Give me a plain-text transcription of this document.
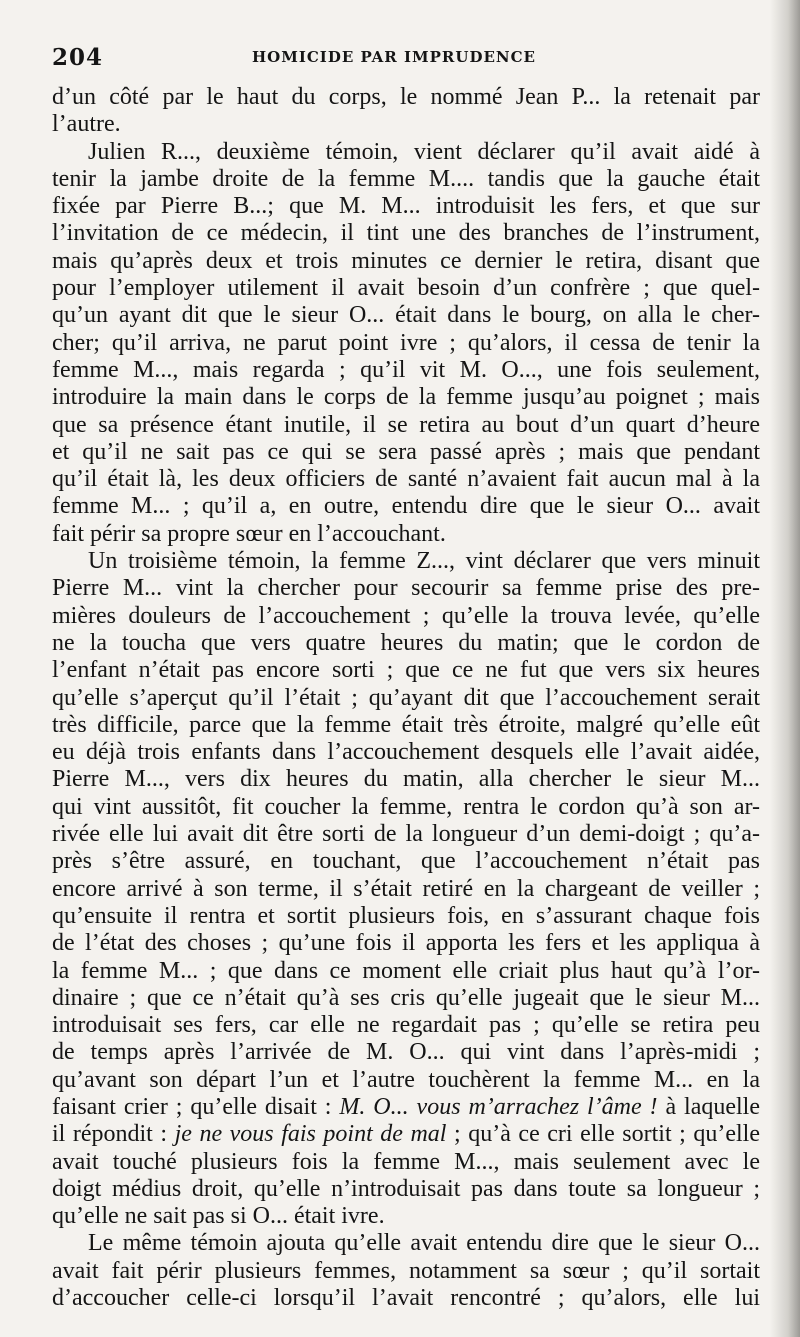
204	HOMICIDE PAR IMPRUDENCE
d’un côté par le haut du corps, le nommé Jean P... la retenait par
l’autre.
Julien R..., deuxième témoin, vient déclarer qu’il avait aidé à
tenir la jambe droite de la femme M.... tandis que la gauche était
fixée par Pierre B...; que M. M... introduisit les fers, et que sur
l’invitation de ce médecin, il tint une des branches de l’instrument,
mais qu’après deux et trois minutes ce dernier le retira, disant que
pour l’employer utilement il avait besoin d’un confrère ; que quel-
qu’un ayant dit que le sieur O... était dans le bourg, on alla le cher-
cher; qu’il arriva, ne parut point ivre ; qu’alors, il cessa de tenir la
femme M..., mais regarda ; qu’il vit M. O..., une fois seulement,
introduire la main dans le corps de la femme jusqu’au poignet ; mais
que sa présence étant inutile, il se retira au bout d’un quart d’heure
et qu’il ne sait pas ce qui se sera passé après ; mais que pendant
qu’il était là, les deux officiers de santé n’avaient fait aucun mal à la
femme M... ; qu’il a, en outre, entendu dire que le sieur O... avait
fait périr sa propre sœur en l’accouchant.
Un troisième témoin, la femme Z..., vint déclarer que vers minuit
Pierre M... vint la chercher pour secourir sa femme prise des pre-
mières douleurs de l’accouchement ; qu’elle la trouva levée, qu’elle
ne la toucha que vers quatre heures du matin; que le cordon de
l’enfant n’était pas encore sorti ; que ce ne fut que vers six heures
qu’elle s’aperçut qu’il l’était ; qu’ayant dit que l’accouchement serait
très difficile, parce que la femme était très étroite, malgré qu’elle eût
eu déjà trois enfants dans l’accouchement desquels elle l’avait aidée,
Pierre M..., vers dix heures du matin, alla chercher le sieur M...
qui vint aussitôt, fit coucher la femme, rentra le cordon qu’à son ar-
rivée elle lui avait dit être sorti de la longueur d’un demi-doigt ; qu’a-
près s’être assuré, en touchant, que l’accouchement n’était pas
encore arrivé à son terme, il s’était retiré en la chargeant de veiller ;
qu’ensuite il rentra et sortit plusieurs fois, en s’assurant chaque fois
de l’état des choses ; qu’une fois il apporta les fers et les appliqua à
la femme M... ; que dans ce moment elle criait plus haut qu’à l’or-
dinaire ; que ce n’était qu’à ses cris qu’elle jugeait que le sieur M...
introduisait ses fers, car elle ne regardait pas ; qu’elle se retira peu
de temps après l’arrivée de M. O... qui vint dans l’après-midi ;
qu’avant son départ l’un et l’autre touchèrent la femme M... en la
faisant crier ; qu’elle disait : M. O... vous m’arrachez l’âme ! à laquelle
il répondit : je ne vous fais point de mal ; qu’à ce cri elle sortit ; qu’elle
avait touché plusieurs fois la femme M..., mais seulement avec le
doigt médius droit, qu’elle n’introduisait pas dans toute sa longueur ;
qu’elle ne sait pas si O... était ivre.
Le même témoin ajouta qu’elle avait entendu dire que le sieur O...
avait fait périr plusieurs femmes, notamment sa sœur ; qu’il sortait
d’accoucher celle-ci lorsqu’il l’avait rencontré ; qu’alors, elle lui
